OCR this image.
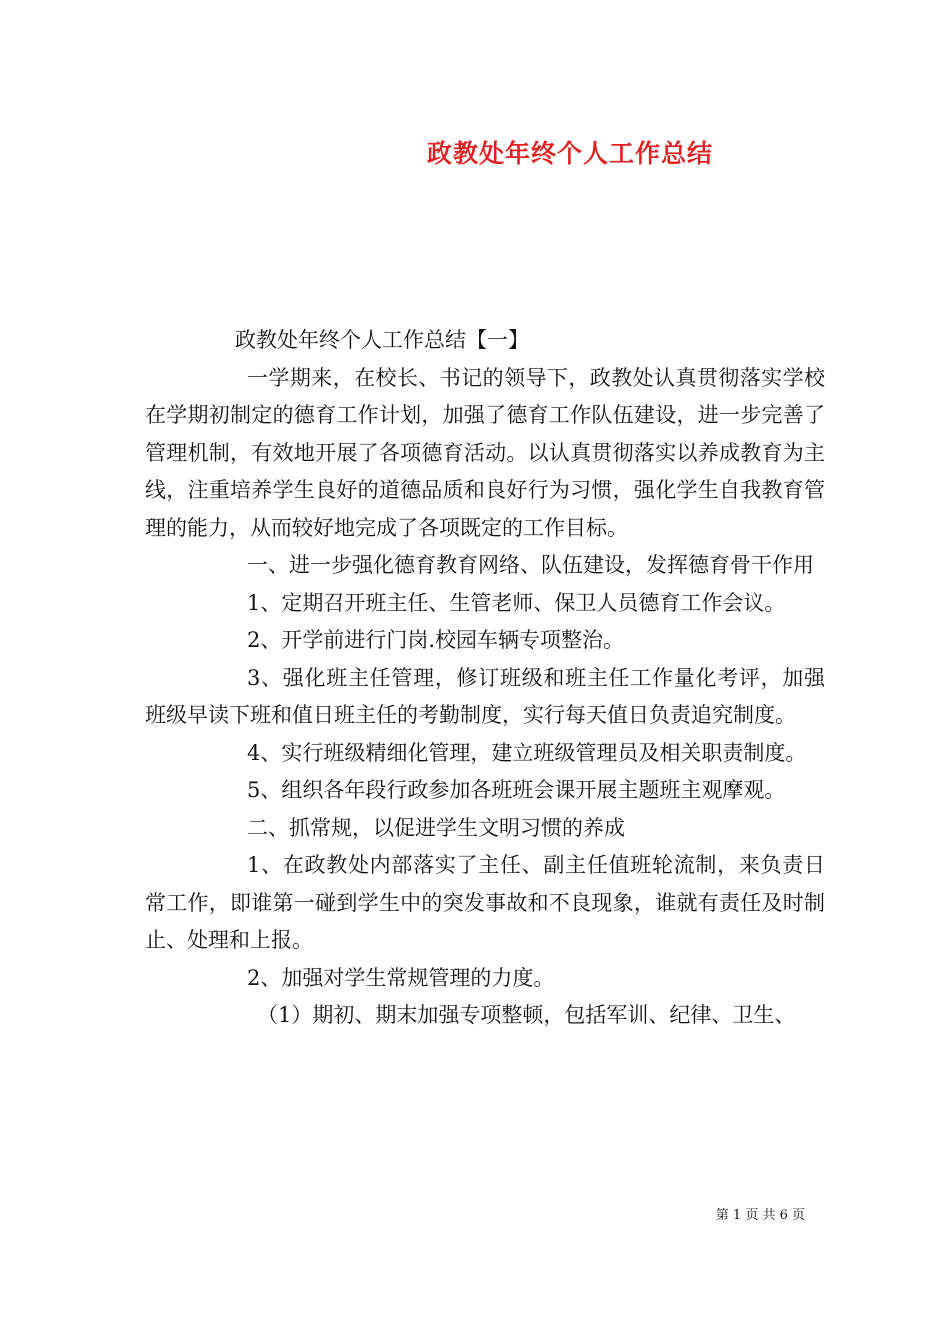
政教处年终个人工作总结

政教处年终个人工作总结【一】

一学期来，在校长、书记的领导下，政教处认真贯彻落实学校在学期初制定的德育工作计划，加强了德育工作队伍建设，进一步完善了管理机制，有效地开展了各项德育活动。以认真贯彻落实以养成教育为主线，注重培养学生良好的道德品质和良好行为习惯，强化学生自我教育管理的能力，从而较好地完成了各项既定的工作目标。

一、进一步强化德育教育网络、队伍建设，发挥德育骨干作用

1、定期召开班主任、生管老师、保卫人员德育工作会议。

2、开学前进行门岗.校园车辆专项整治。

3、强化班主任管理，修订班级和班主任工作量化考评，加强班级早读下班和值日班主任的考勤制度，实行每天值日负责追究制度。

4、实行班级精细化管理，建立班级管理员及相关职责制度。

5、组织各年段行政参加各班班会课开展主题班主观摩观。

二、抓常规，以促进学生文明习惯的养成

1、在政教处内部落实了主任、副主任值班轮流制，来负责日常工作，即谁第一碰到学生中的突发事故和不良现象，谁就有责任及时制止、处理和上报。

2、加强对学生常规管理的力度。

（1）期初、期末加强专项整顿，包括军训、纪律、卫生、

第 1 页 共 6 页
